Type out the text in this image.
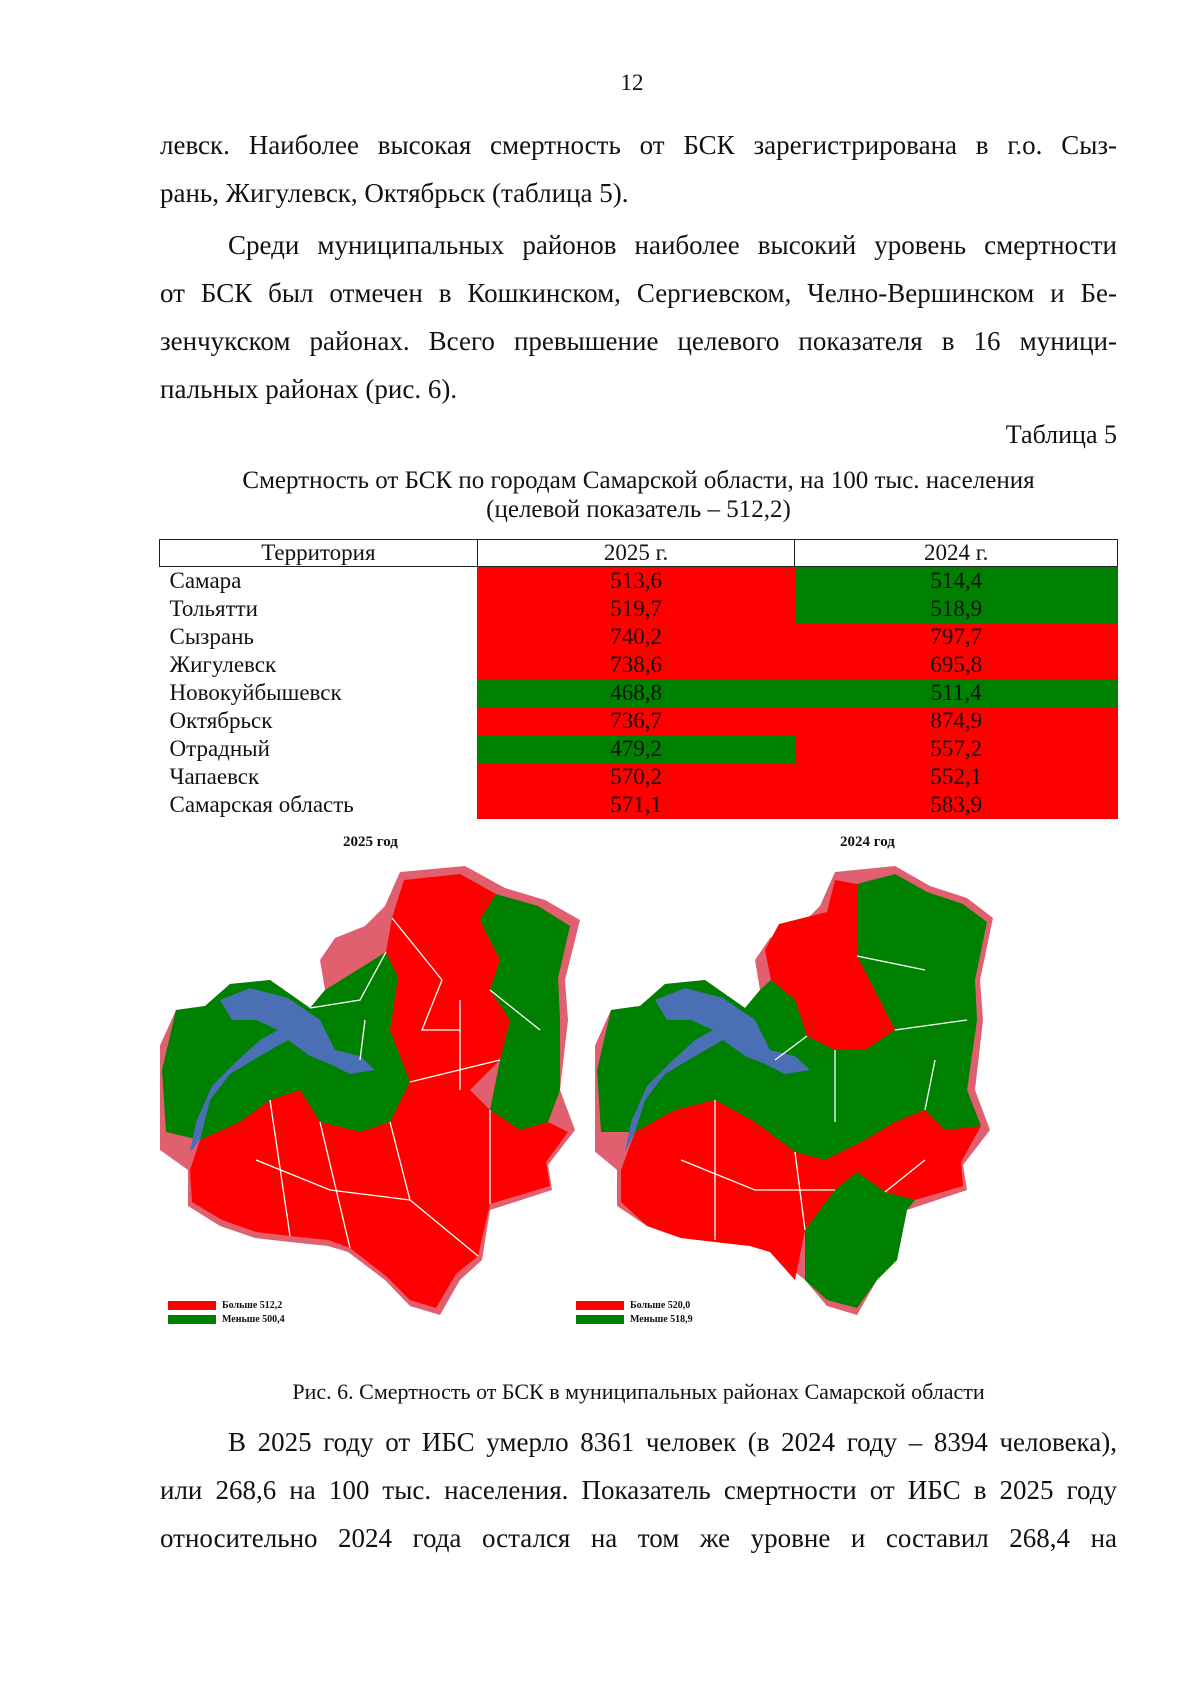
12
левск. Наиболее высокая смертность от БСК зарегистрирована в г.о. Сыз-
рань, Жигулевск, Октябрьск (таблица 5).
Среди муниципальных районов наиболее высокий уровень смертности
от БСК был отмечен в Кошкинском, Сергиевском, Челно-Вершинском и Бе-
зенчукском районах. Всего превышение целевого показателя в 16 муници-
пальных районах (рис. 6).
Таблица 5
Смертность от БСК по городам Самарской области, на 100 тыс. населения
(целевой показатель – 512,2)
Территория	2025 г.	2024 г.
Самара	513,6	514,4
Тольятти	519,7	518,9
Сызрань	740,2	797,7
Жигулевск	738,6	695,8
Новокуйбышевск	468,8	511,4
Октябрьск	736,7	874,9
Отрадный	479,2	557,2
Чапаевск	570,2	552,1
Самарская область	571,1	583,9
2025 год	2024 год
Больше 512,2
Меньше 500,4
Больше 520,0
Меньше 518,9
Рис. 6. Смертность от БСК в муниципальных районах Самарской области
В 2025 году от ИБС умерло 8361 человек (в 2024 году – 8394 человека),
или 268,6 на 100 тыс. населения. Показатель смертности от ИБС в 2025 году
относительно 2024 года остался на том же уровне и составил 268,4 на
